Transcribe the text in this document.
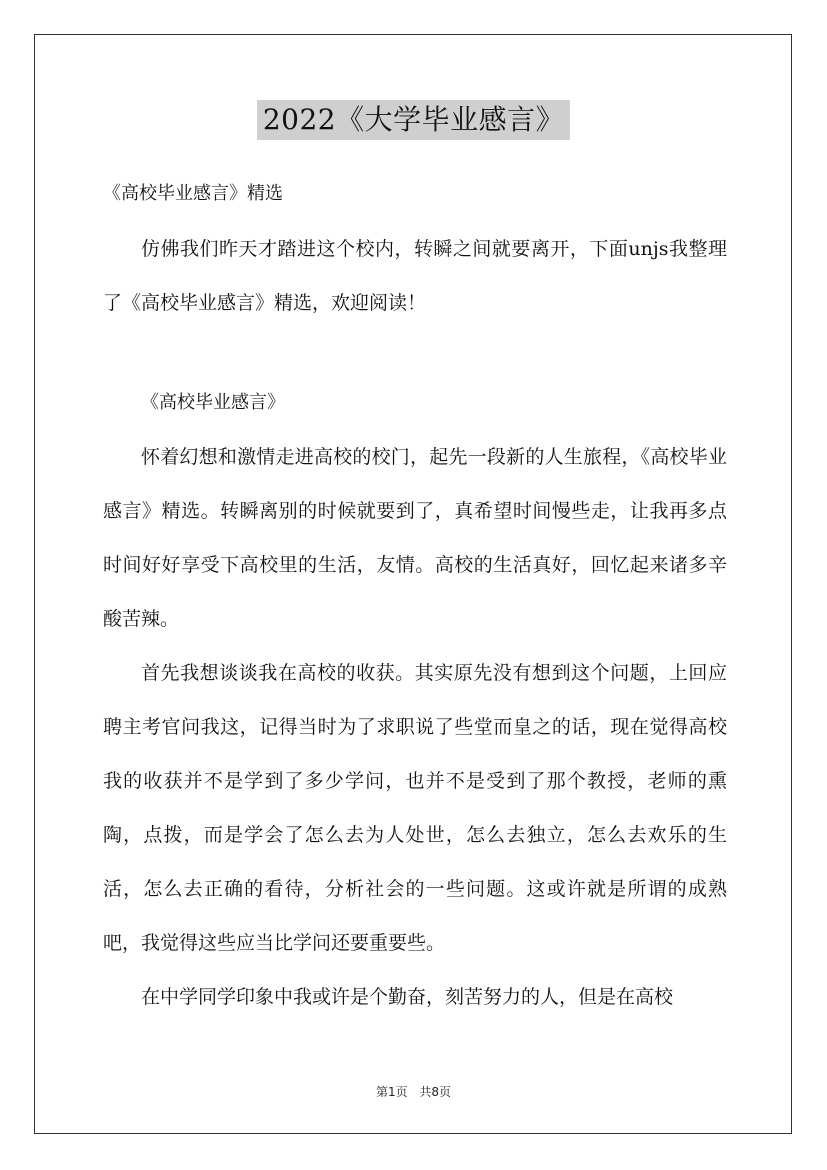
2022《大学毕业感言》

《高校毕业感言》精选

仿佛我们昨天才踏进这个校内，转瞬之间就要离开，下面unjs我整理了《高校毕业感言》精选，欢迎阅读！

《高校毕业感言》

怀着幻想和激情走进高校的校门，起先一段新的人生旅程，《高校毕业感言》精选。转瞬离别的时候就要到了，真希望时间慢些走，让我再多点时间好好享受下高校里的生活，友情。高校的生活真好，回忆起来诸多辛酸苦辣。

首先我想谈谈我在高校的收获。其实原先没有想到这个问题，上回应聘主考官问我这，记得当时为了求职说了些堂而皇之的话，现在觉得高校我的收获并不是学到了多少学问，也并不是受到了那个教授，老师的熏陶，点拨，而是学会了怎么去为人处世，怎么去独立，怎么去欢乐的生活，怎么去正确的看待，分析社会的一些问题。这或许就是所谓的成熟吧，我觉得这些应当比学问还要重要些。

在中学同学印象中我或许是个勤奋，刻苦努力的人，但是在高校

第1页 共8页
